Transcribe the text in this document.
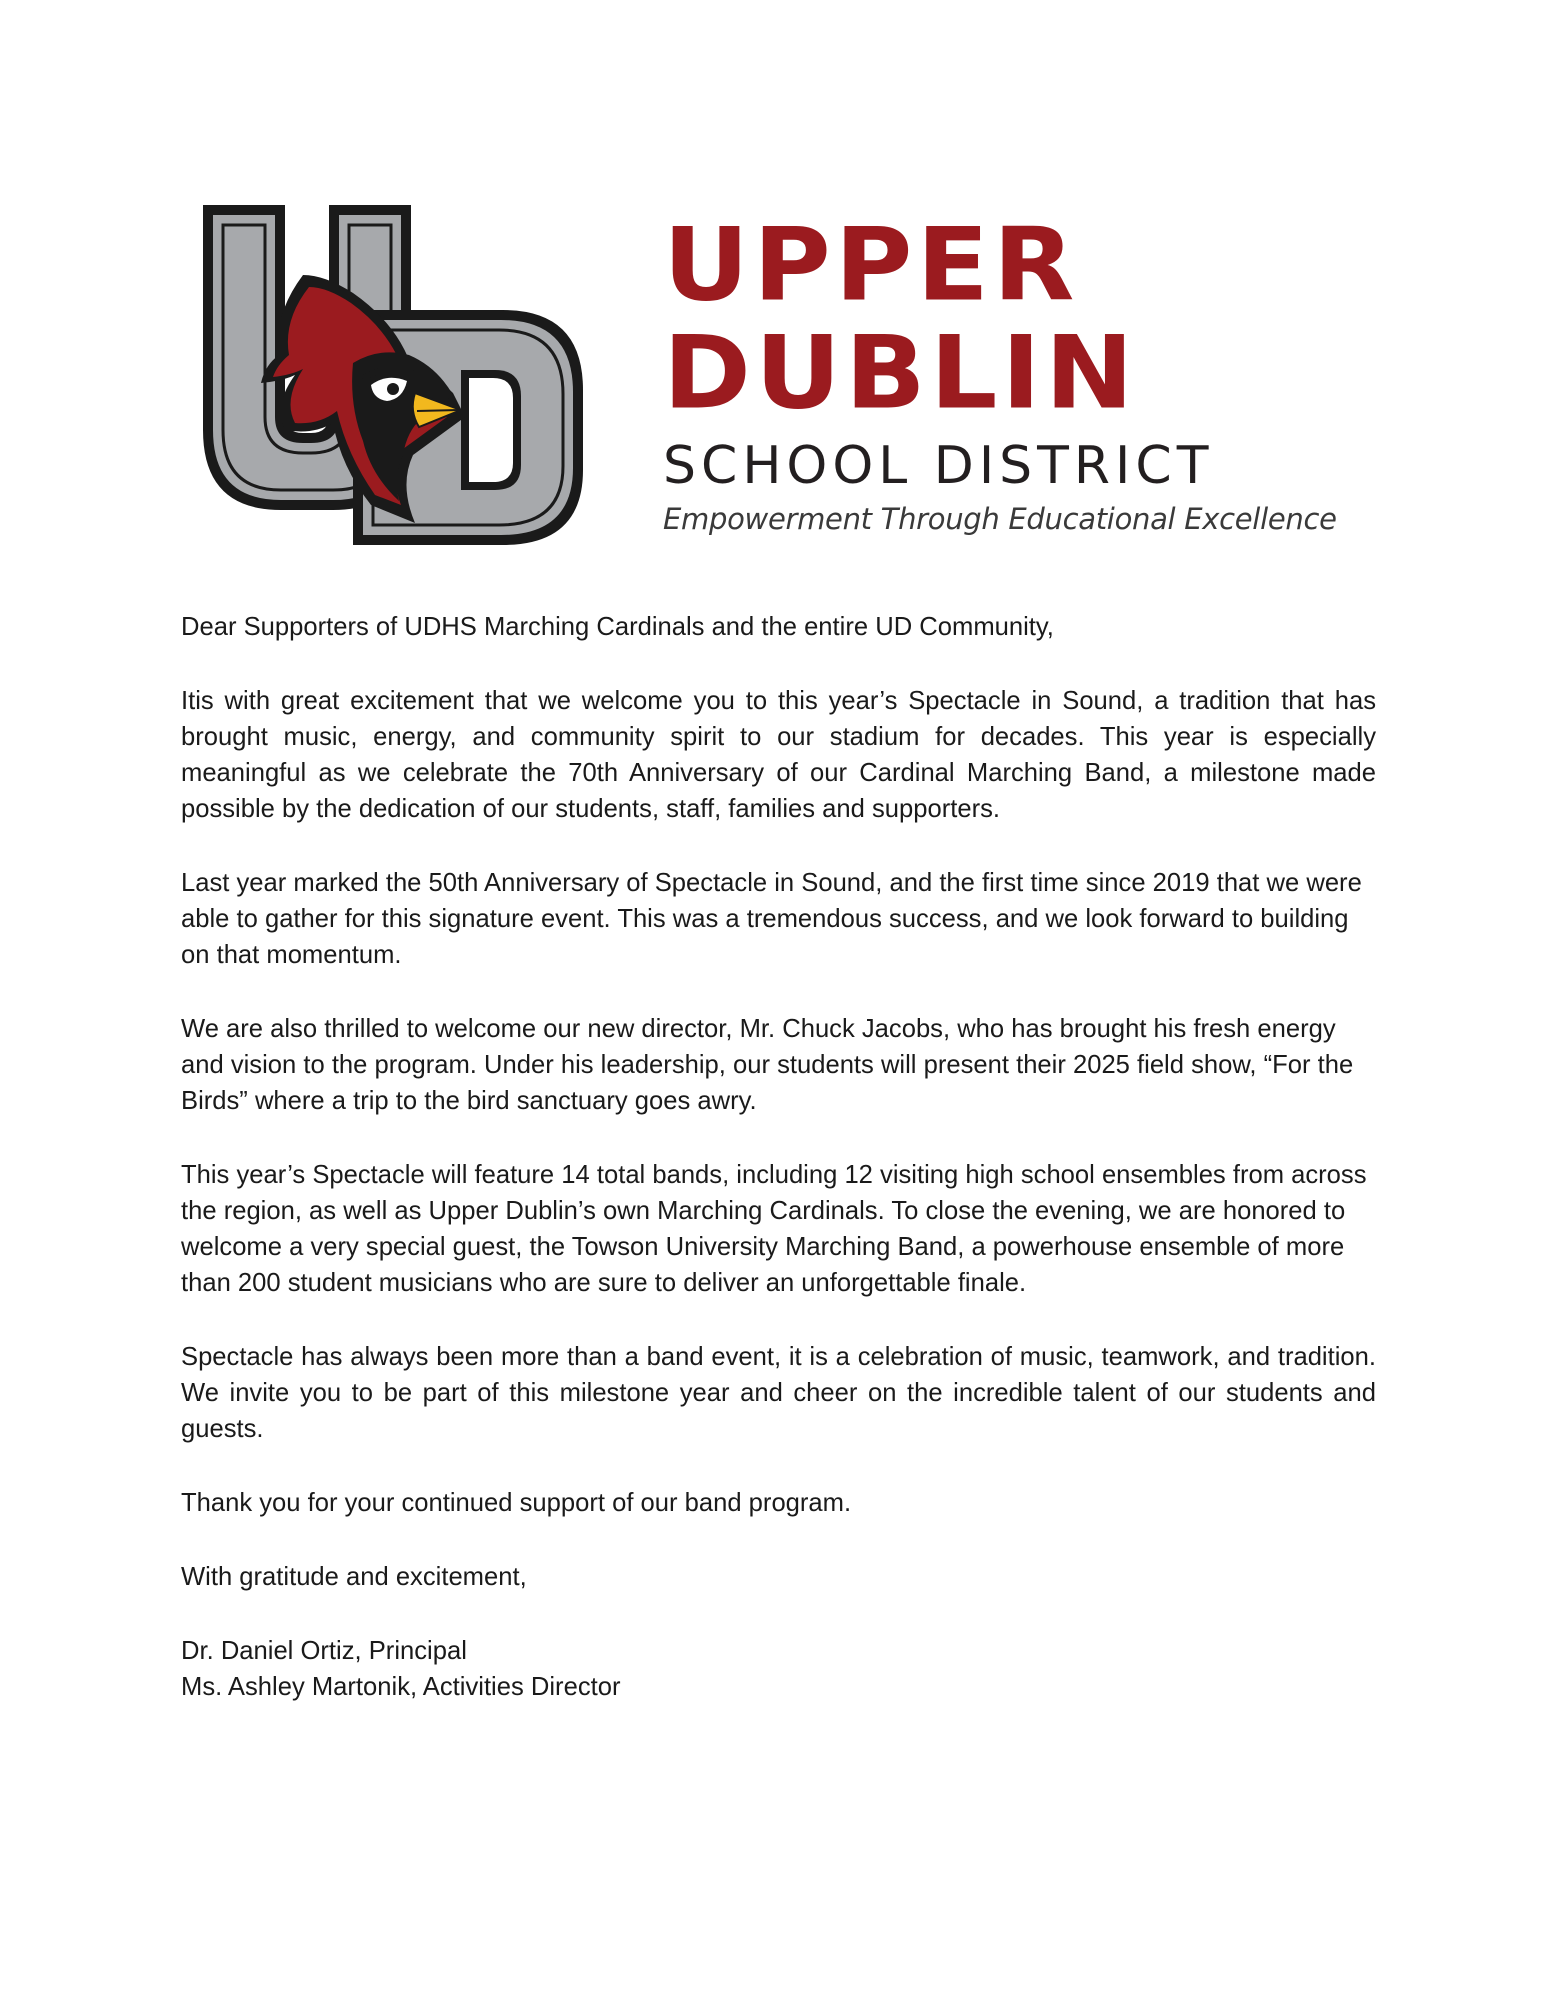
UPPER
DUBLIN
SCHOOL DISTRICT
Empowerment Through Educational Excellence

Dear Supporters of UDHS Marching Cardinals and the entire UD Community,

Itis with great excitement that we welcome you to this year’s Spectacle in Sound, a tradition that has brought music, energy, and community spirit to our stadium for decades. This year is especially meaningful as we celebrate the 70th Anniversary of our Cardinal Marching Band, a milestone made possible by the dedication of our students, staff, families and supporters.

Last year marked the 50th Anniversary of Spectacle in Sound, and the first time since 2019 that we were able to gather for this signature event. This was a tremendous success, and we look forward to building on that momentum.

We are also thrilled to welcome our new director, Mr. Chuck Jacobs, who has brought his fresh energy and vision to the program. Under his leadership, our students will present their 2025 field show, “For the Birds” where a trip to the bird sanctuary goes awry.

This year’s Spectacle will feature 14 total bands, including 12 visiting high school ensembles from across the region, as well as Upper Dublin’s own Marching Cardinals. To close the evening, we are honored to welcome a very special guest, the Towson University Marching Band, a powerhouse ensemble of more than 200 student musicians who are sure to deliver an unforgettable finale.

Spectacle has always been more than a band event, it is a celebration of music, teamwork, and tradition. We invite you to be part of this milestone year and cheer on the incredible talent of our students and guests.

Thank you for your continued support of our band program.

With gratitude and excitement,

Dr. Daniel Ortiz, Principal

Ms. Ashley Martonik, Activities Director
